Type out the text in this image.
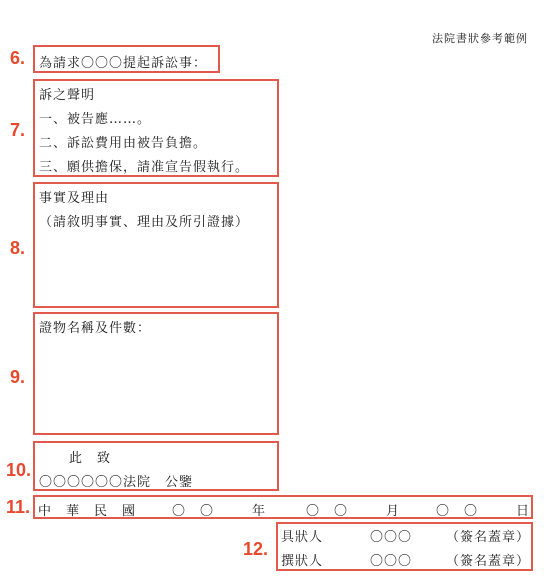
法院書狀參考範例
6. 為請求〇〇〇提起訴訟事：
7.
訴之聲明
一、被告應……。
二、訴訟費用由被告負擔。
三、願供擔保，請准宣告假執行。
8.
事實及理由
（請敘明事實、理由及所引證據）
9.
證物名稱及件數：
10.
此　致
〇〇〇〇〇〇法院　公鑒
11. 中　華　民　國	〇　〇	年	〇　〇	月	〇　〇	日
12.
具狀人	〇〇〇	（簽名蓋章）
撰狀人	〇〇〇	（簽名蓋章）
